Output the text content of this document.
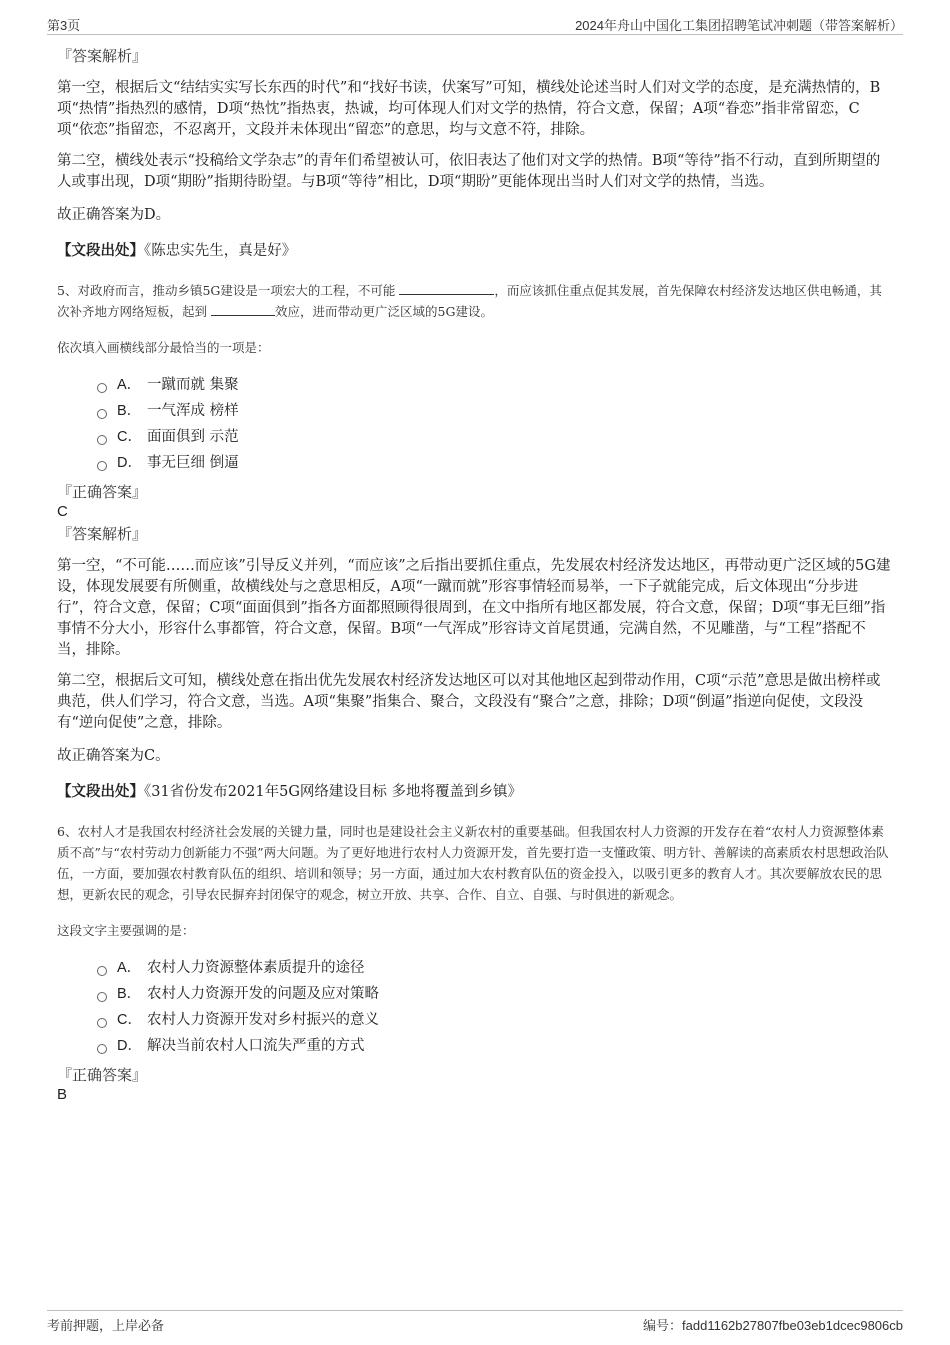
第3页	2024年舟山中国化工集团招聘笔试冲刺题（带答案解析）

『答案解析』

第一空，根据后文“结结实实写长东西的时代”和“找好书读，伏案写”可知，横线处论述当时人们对文学的态度，是充满热情的，B项“热情”指热烈的感情，D项“热忱”指热衷，热诚，均可体现人们对文学的热情，符合文意，保留；A项“眷恋”指非常留恋，C项“依恋”指留恋，不忍离开，文段并未体现出“留恋”的意思，均与文意不符，排除。

第二空，横线处表示“投稿给文学杂志”的青年们希望被认可，依旧表达了他们对文学的热情。B项“等待”指不行动，直到所期望的人或事出现，D项“期盼”指期待盼望。与B项“等待”相比，D项“期盼”更能体现出当时人们对文学的热情，当选。

故正确答案为D。
【文段出处】《陈忠实先生，真是好》
5、对政府而言，推动乡镇5G建设是一项宏大的工程，不可能	，而应该抓住重点促其发展，首先保障农村经济发达地区供电畅通，其次补齐地方网络短板，起到	效应，进而带动更广泛区域的5G建设。
依次填入画横线部分最恰当的一项是：
A． 一蹴而就 集聚
B． 一气浑成 榜样
C． 面面俱到 示范
D． 事无巨细 倒逼

『正确答案』

C

『答案解析』

第一空，“不可能……而应该”引导反义并列，“而应该”之后指出要抓住重点，先发展农村经济发达地区，再带动更广泛区域的5G建设，体现发展要有所侧重，故横线处与之意思相反，A项“一蹴而就”形容事情轻而易举，一下子就能完成，后文体现出“分步进行”，符合文意，保留；C项“面面俱到”指各方面都照顾得很周到，在文中指所有地区都发展，符合文意，保留；D项“事无巨细”指事情不分大小，形容什么事都管，符合文意，保留。B项“一气浑成”形容诗文首尾贯通，完满自然，不见雕凿，与“工程”搭配不当，排除。

第二空，根据后文可知，横线处意在指出优先发展农村经济发达地区可以对其他地区起到带动作用，C项“示范”意思是做出榜样或典范，供人们学习，符合文意，当选。A项“集聚”指集合、聚合，文段没有“聚合”之意，排除；D项“倒逼”指逆向促使，文段没有“逆向促使”之意，排除。

故正确答案为C。
【文段出处】《31省份发布2021年5G网络建设目标 多地将覆盖到乡镇》
6、农村人才是我国农村经济社会发展的关键力量，同时也是建设社会主义新农村的重要基础。但我国农村人力资源的开发存在着“农村人力资源整体素质不高”与“农村劳动力创新能力不强”两大问题。为了更好地进行农村人力资源开发，首先要打造一支懂政策、明方针、善解读的高素质农村思想政治队伍，一方面，要加强农村教育队伍的组织、培训和领导；另一方面，通过加大农村教育队伍的资金投入，以吸引更多的教育人才。其次要解放农民的思想，更新农民的观念，引导农民摒弃封闭保守的观念，树立开放、共享、合作、自立、自强、与时俱进的新观念。
这段文字主要强调的是：
A． 农村人力资源整体素质提升的途径
B． 农村人力资源开发的问题及应对策略
C． 农村人力资源开发对乡村振兴的意义
D． 解决当前农村人口流失严重的方式

『正确答案』

B

考前押题，上岸必备	编号：fadd1162b27807fbe03eb1dcec9806cb
